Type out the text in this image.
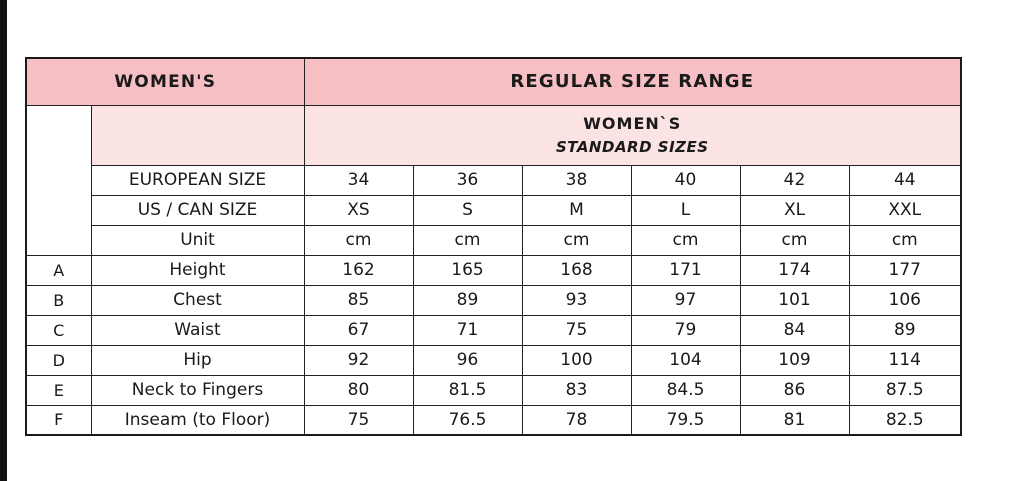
WOMEN'S		REGULAR SIZE RANGE					

		WOMEN`S
STANDARD SIZES					

	EUROPEAN SIZE	34	36	38	40	42	44
	US / CAN SIZE	XS	S	M	L	XL	XXL
	Unit	cm	cm	cm	cm	cm	cm
A	Height	162	165	168	171	174	177
B	Chest	85	89	93	97	101	106
C	Waist	67	71	75	79	84	89
D	Hip	92	96	100	104	109	114
E	Neck to Fingers	80	81.5	83	84.5	86	87.5
F	Inseam (to Floor)	75	76.5	78	79.5	81	82.5
